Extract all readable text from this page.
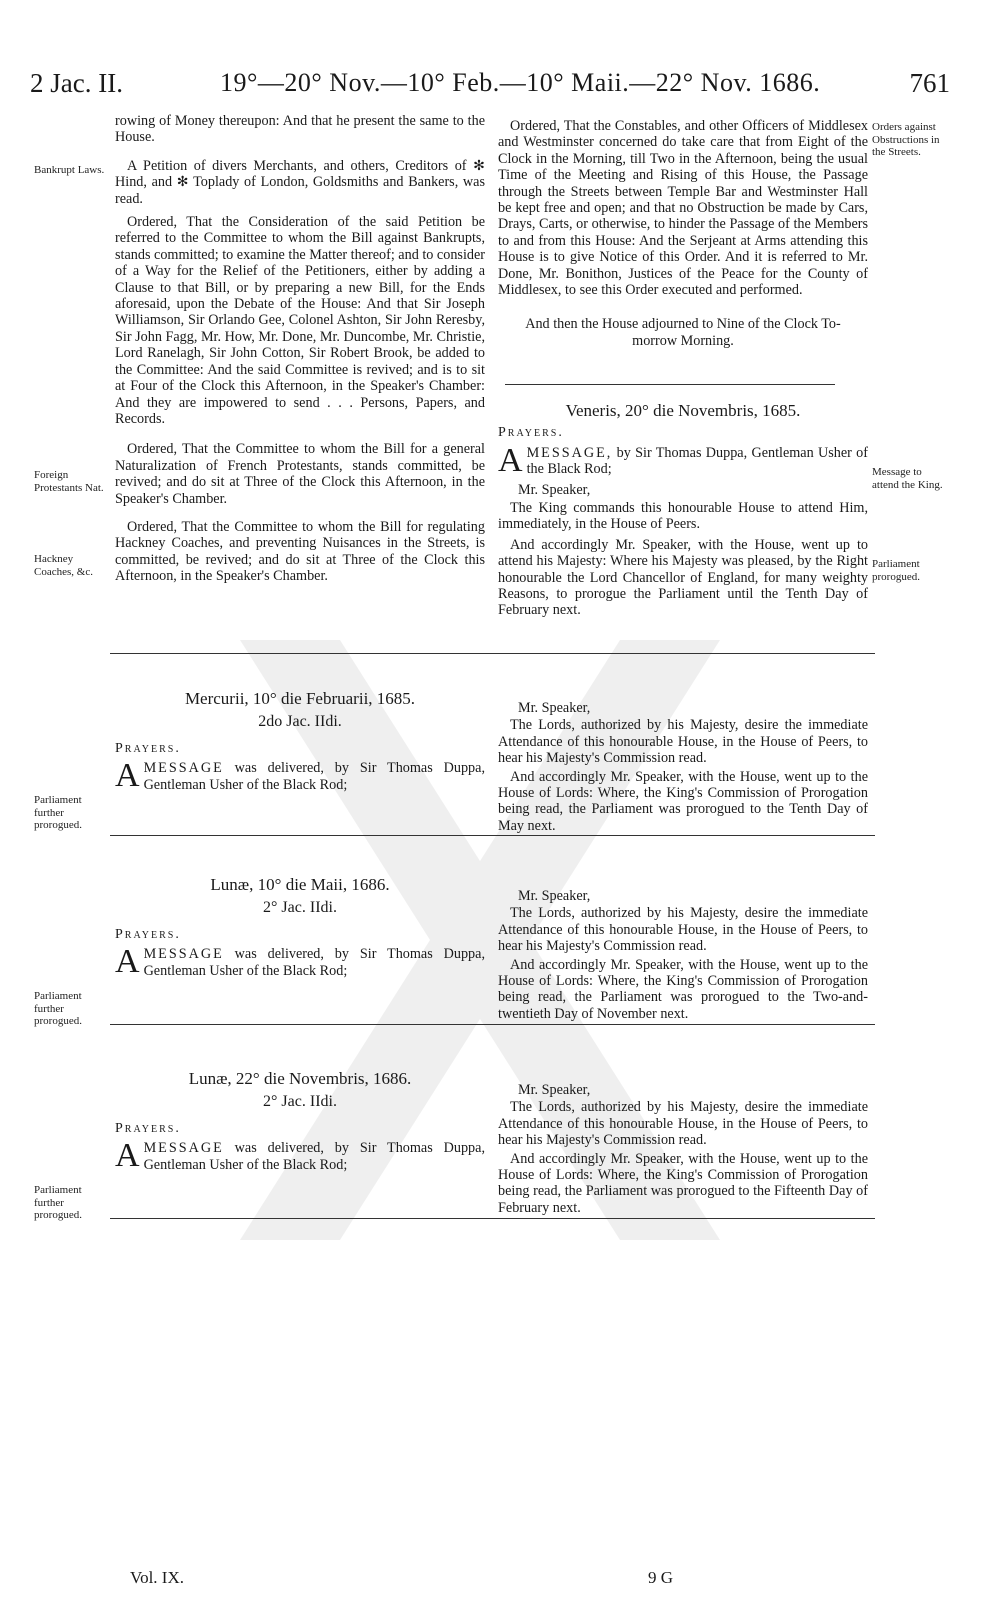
2 Jac. II.	19°—20° Nov.—10° Feb.—10° Maii.—22° Nov. 1686.	761

rowing of Money thereupon: And that he present the same to the House.

A Petition of divers Merchants, and others, Creditors of ✻ Hind, and ✻ Toplady of London, Goldsmiths and Bankers, was read.

Ordered, That the Consideration of the said Petition be referred to the Committee to whom the Bill against Bankrupts, stands committed; to examine the Matter thereof; and to consider of a Way for the Relief of the Petitioners, either by adding a Clause to that Bill, or by preparing a new Bill, for the Ends aforesaid, upon the Debate of the House: And that Sir Joseph Williamson, Sir Orlando Gee, Colonel Ashton, Sir John Reresby, Sir John Fagg, Mr. How, Mr. Done, Mr. Duncombe, Mr. Christie, Lord Ranelagh, Sir John Cotton, Sir Robert Brook, be added to the Committee: And the said Committee is revived; and is to sit at Four of the Clock this Afternoon, in the Speaker's Chamber: And they are impowered to send . . . Persons, Papers, and Records.

Ordered, That the Committee to whom the Bill for a general Naturalization of French Protestants, stands committed, be revived; and do sit at Three of the Clock this Afternoon, in the Speaker's Chamber.

Ordered, That the Committee to whom the Bill for regulating Hackney Coaches, and preventing Nuisances in the Streets, is committed, be revived; and do sit at Three of the Clock this Afternoon, in the Speaker's Chamber.

Ordered, That the Constables, and other Officers of Middlesex and Westminster concerned do take care that from Eight of the Clock in the Morning, till Two in the Afternoon, being the usual Time of the Meeting and Rising of this House, the Passage through the Streets between Temple Bar and Westminster Hall be kept free and open; and that no Obstruction be made by Cars, Drays, Carts, or otherwise, to hinder the Passage of the Members to and from this House: And the Serjeant at Arms attending this House is to give Notice of this Order. And it is referred to Mr. Done, Mr. Bonithon, Justices of the Peace for the County of Middlesex, to see this Order executed and performed.

And then the House adjourned to Nine of the Clock To-morrow Morning.

Veneris, 20° die Novembris, 1685.

Prayers.

A MESSAGE, by Sir Thomas Duppa, Gentleman Usher of the Black Rod;

Mr. Speaker,

The King commands this honourable House to attend Him, immediately, in the House of Peers.

And accordingly Mr. Speaker, with the House, went up to attend his Majesty: Where his Majesty was pleased, by the Right honourable the Lord Chancellor of England, for many weighty Reasons, to prorogue the Parliament until the Tenth Day of February next.

Mercurii, 10° die Februarii, 1685.

2do Jac. IIdi.

Prayers.

A MESSAGE was delivered, by Sir Thomas Duppa, Gentleman Usher of the Black Rod;

Mr. Speaker,

The Lords, authorized by his Majesty, desire the immediate Attendance of this honourable House, in the House of Peers, to hear his Majesty's Commission read.

And accordingly Mr. Speaker, with the House, went up to the House of Lords: Where, the King's Commission of Prorogation being read, the Parliament was prorogued to the Tenth Day of May next.

Lunæ, 10° die Maii, 1686.

2° Jac. IIdi.

Prayers.

A MESSAGE was delivered, by Sir Thomas Duppa, Gentleman Usher of the Black Rod;

Mr. Speaker,

The Lords, authorized by his Majesty, desire the immediate Attendance of this honourable House, in the House of Peers, to hear his Majesty's Commission read.

And accordingly Mr. Speaker, with the House, went up to the House of Lords: Where, the King's Commission of Prorogation being read, the Parliament was prorogued to the Two-and-twentieth Day of November next.

Lunæ, 22° die Novembris, 1686.

2° Jac. IIdi.

Prayers.

A MESSAGE was delivered, by Sir Thomas Duppa, Gentleman Usher of the Black Rod;

Mr. Speaker,

The Lords, authorized by his Majesty, desire the immediate Attendance of this honourable House, in the House of Peers, to hear his Majesty's Commission read.

And accordingly Mr. Speaker, with the House, went up to the House of Lords: Where, the King's Commission of Prorogation being read, the Parliament was prorogued to the Fifteenth Day of February next.

Bankrupt Laws.
Foreign Protestants Nat.
Hackney Coaches, &c.
Parliament further prorogued.
Parliament further prorogued.
Parliament further prorogued.
Orders against Obstructions in the Streets.
Message to attend the King.
Parliament prorogued.
Vol. IX.	9 G
